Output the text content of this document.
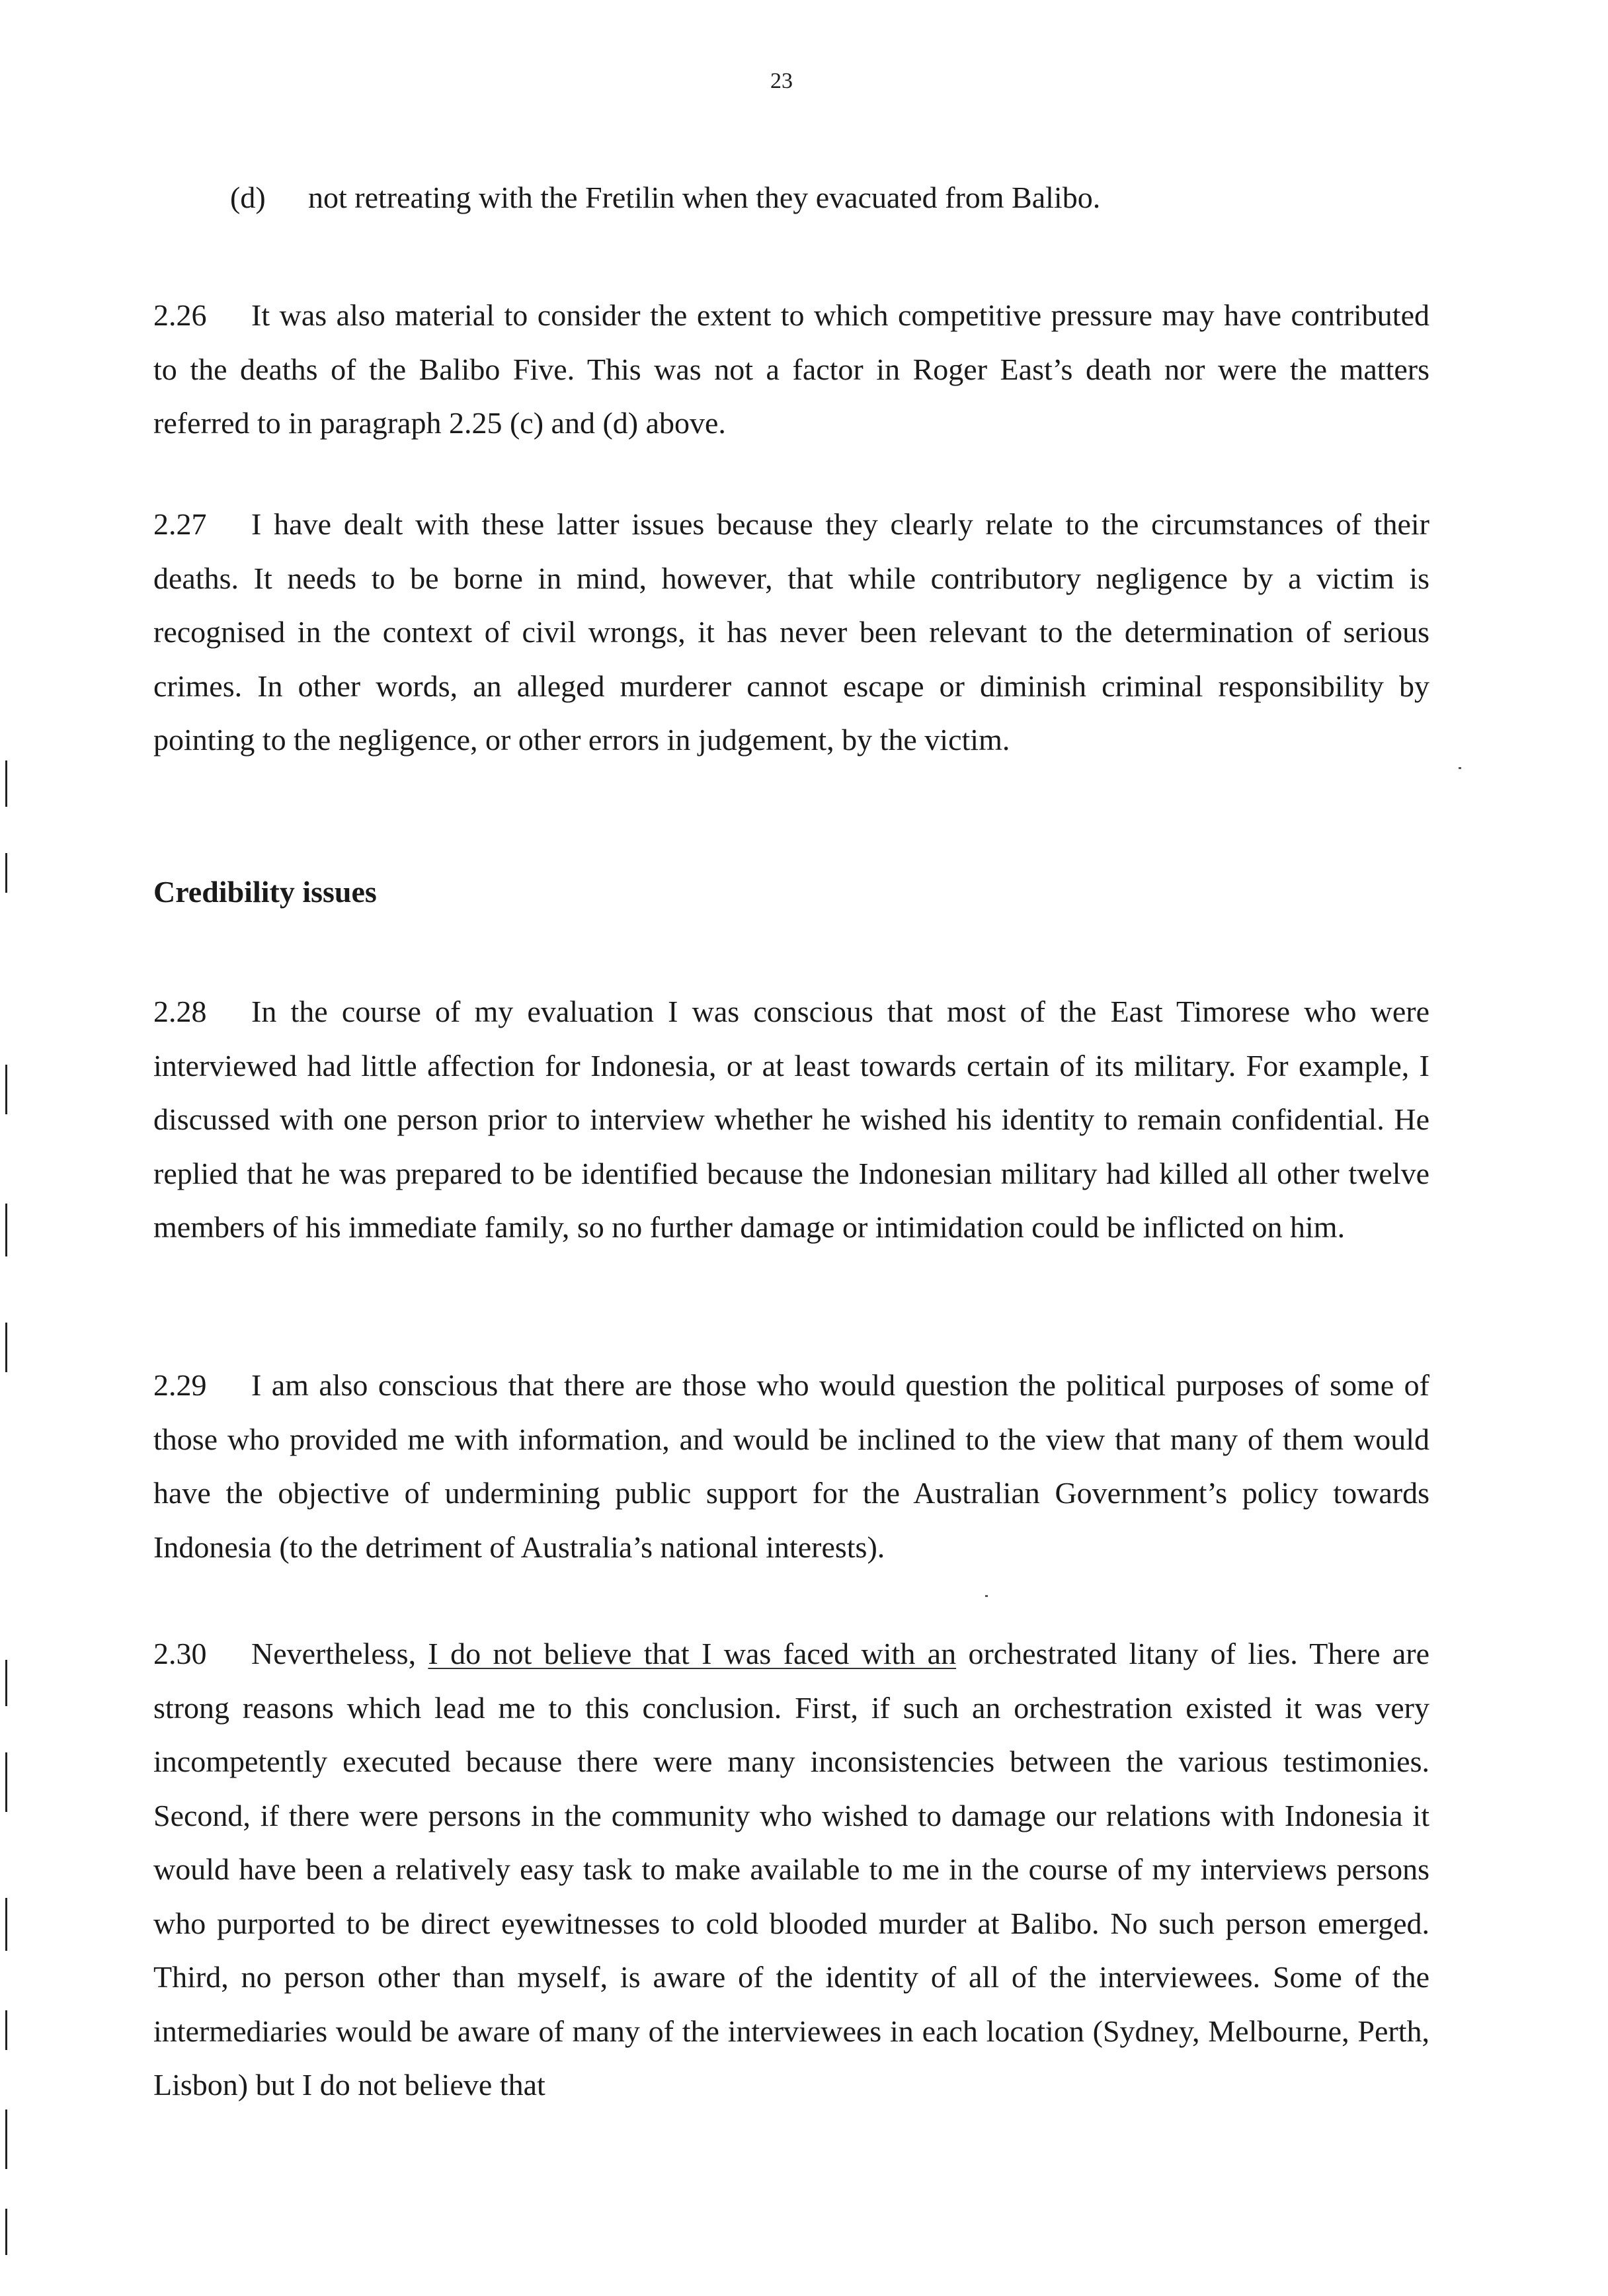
23
(d) not retreating with the Fretilin when they evacuated from Balibo.

2.26 It was also material to consider the extent to which competitive pressure may have contributed to the deaths of the Balibo Five. This was not a factor in Roger East’s death nor were the matters referred to in paragraph 2.25 (c) and (d) above.

2.27 I have dealt with these latter issues because they clearly relate to the circumstances of their deaths. It needs to be borne in mind, however, that while contributory negligence by a victim is recognised in the context of civil wrongs, it has never been relevant to the determination of serious crimes. In other words, an alleged murderer cannot escape or diminish criminal responsibility by pointing to the negligence, or other errors in judgement, by the victim.

Credibility issues

2.28 In the course of my evaluation I was conscious that most of the East Timorese who were interviewed had little affection for Indonesia, or at least towards certain of its military. For example, I discussed with one person prior to interview whether he wished his identity to remain confidential. He replied that he was prepared to be identified because the Indonesian military had killed all other twelve members of his immediate family, so no further damage or intimidation could be inflicted on him.

2.29 I am also conscious that there are those who would question the political purposes of some of those who provided me with information, and would be inclined to the view that many of them would have the objective of undermining public support for the Australian Government’s policy towards Indonesia (to the detriment of Australia’s national interests).

2.30 Nevertheless, I do not believe that I was faced with an orchestrated litany of lies. There are strong reasons which lead me to this conclusion. First, if such an orchestration existed it was very incompetently executed because there were many inconsistencies between the various testimonies. Second, if there were persons in the community who wished to damage our relations with Indonesia it would have been a relatively easy task to make available to me in the course of my interviews persons who purported to be direct eyewitnesses to cold blooded murder at Balibo. No such person emerged. Third, no person other than myself, is aware of the identity of all of the interviewees. Some of the intermediaries would be aware of many of the interviewees in each location (Sydney, Melbourne, Perth, Lisbon) but I do not believe that
